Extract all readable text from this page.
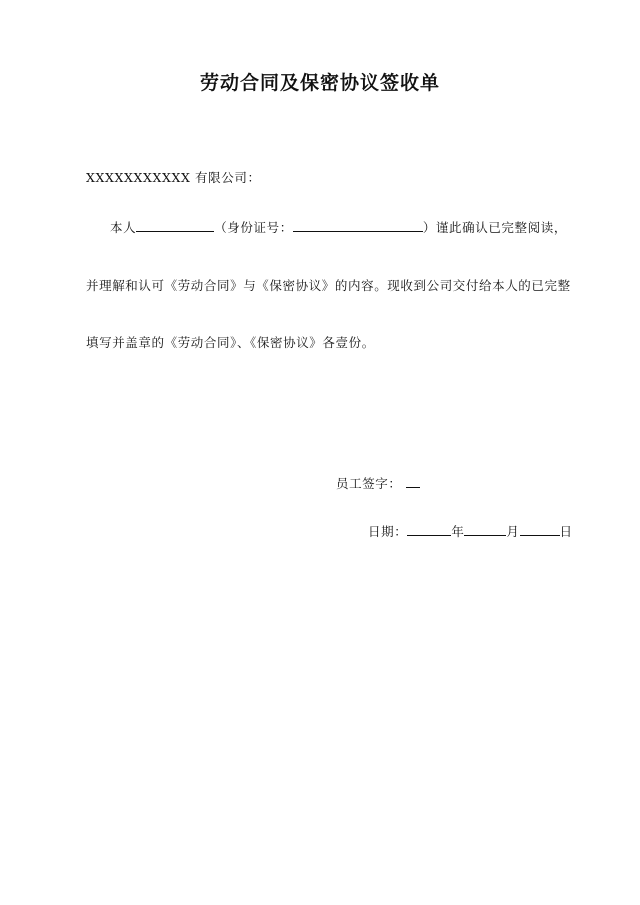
劳动合同及保密协议签收单
XXXXXXXXXXX 有限公司：
本人	（身份证号：	）谨此确认已完整阅读，
并理解和认可《劳动合同》与《保密协议》的内容。现收到公司交付给本人的已完整
填写并盖章的《劳动合同》、《保密协议》各壹份。
员工签字：
日期：	年	月	日
